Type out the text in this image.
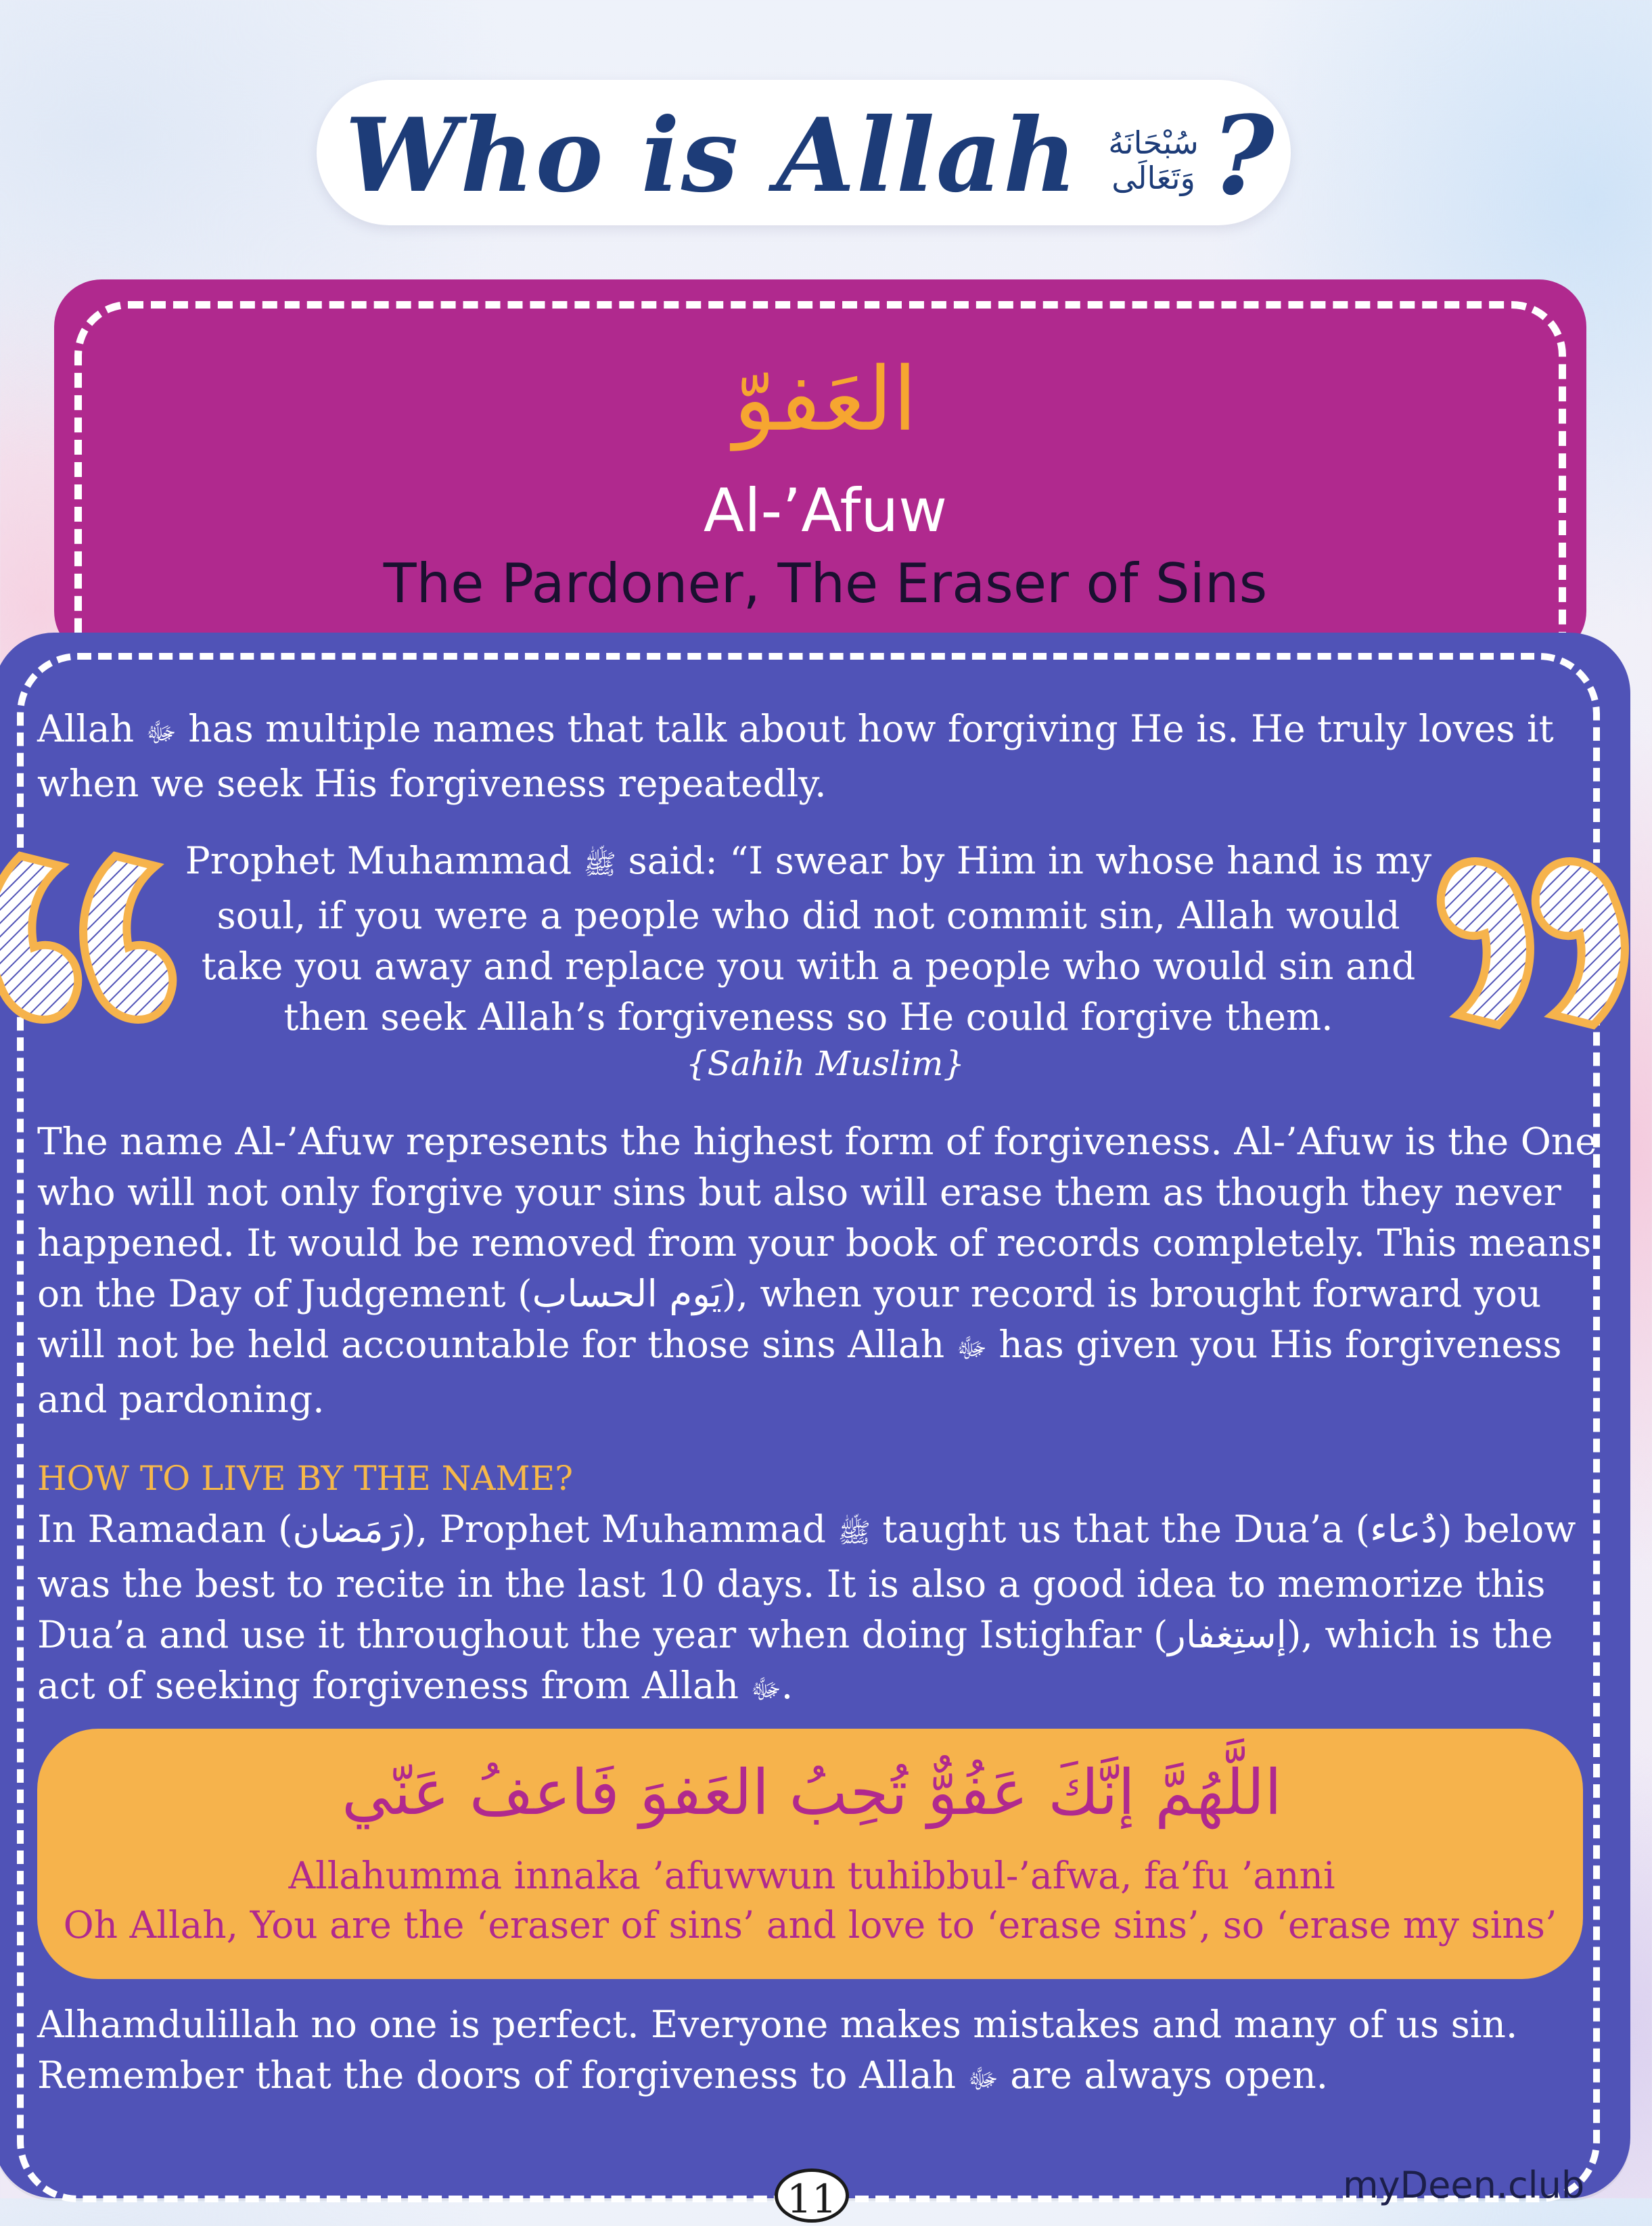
Who is Allah سُبْحَانَهُ وَتَعَالَى ?
العَفوّ
Al-’Afuw
The Pardoner, The Eraser of Sins

Allah ﷻ has multiple names that talk about how forgiving He is. He truly loves it when we seek His forgiveness repeatedly.

Prophet Muhammad ﷺ said: “I swear by Him in whose hand is my soul, if you were a people who did not commit sin, Allah would take you away and replace you with a people who would sin and then seek Allah’s forgiveness so He could forgive them.

{Sahih Muslim}

The name Al-’Afuw represents the highest form of forgiveness. Al-’Afuw is the One who will not only forgive your sins but also will erase them as though they never happened. It would be removed from your book of records completely. This means on the Day of Judgement (يَوم الحساب), when your record is brought forward you will not be held accountable for those sins Allah ﷻ has given you His forgiveness and pardoning.

HOW TO LIVE BY THE NAME?

In Ramadan (رَمَضان), Prophet Muhammad ﷺ taught us that the Dua’a (دُعاء) below was the best to recite in the last 10 days. It is also a good idea to memorize this Dua’a and use it throughout the year when doing Istighfar (إستِغفار), which is the act of seeking forgiveness from Allah ﷻ.

اللَّهُمَّ إنَّكَ عَفُوٌّ تُحِبُ العَفوَ فَاعفُ عَنّي
Allahumma innaka ’afuwwun tuhibbul-’afwa, fa’fu ’anni
Oh Allah, You are the ‘eraser of sins’ and love to ‘erase sins’, so ‘erase my sins’

Alhamdulillah no one is perfect. Everyone makes mistakes and many of us sin. Remember that the doors of forgiveness to Allah ﷻ are always open.

11	myDeen.club
